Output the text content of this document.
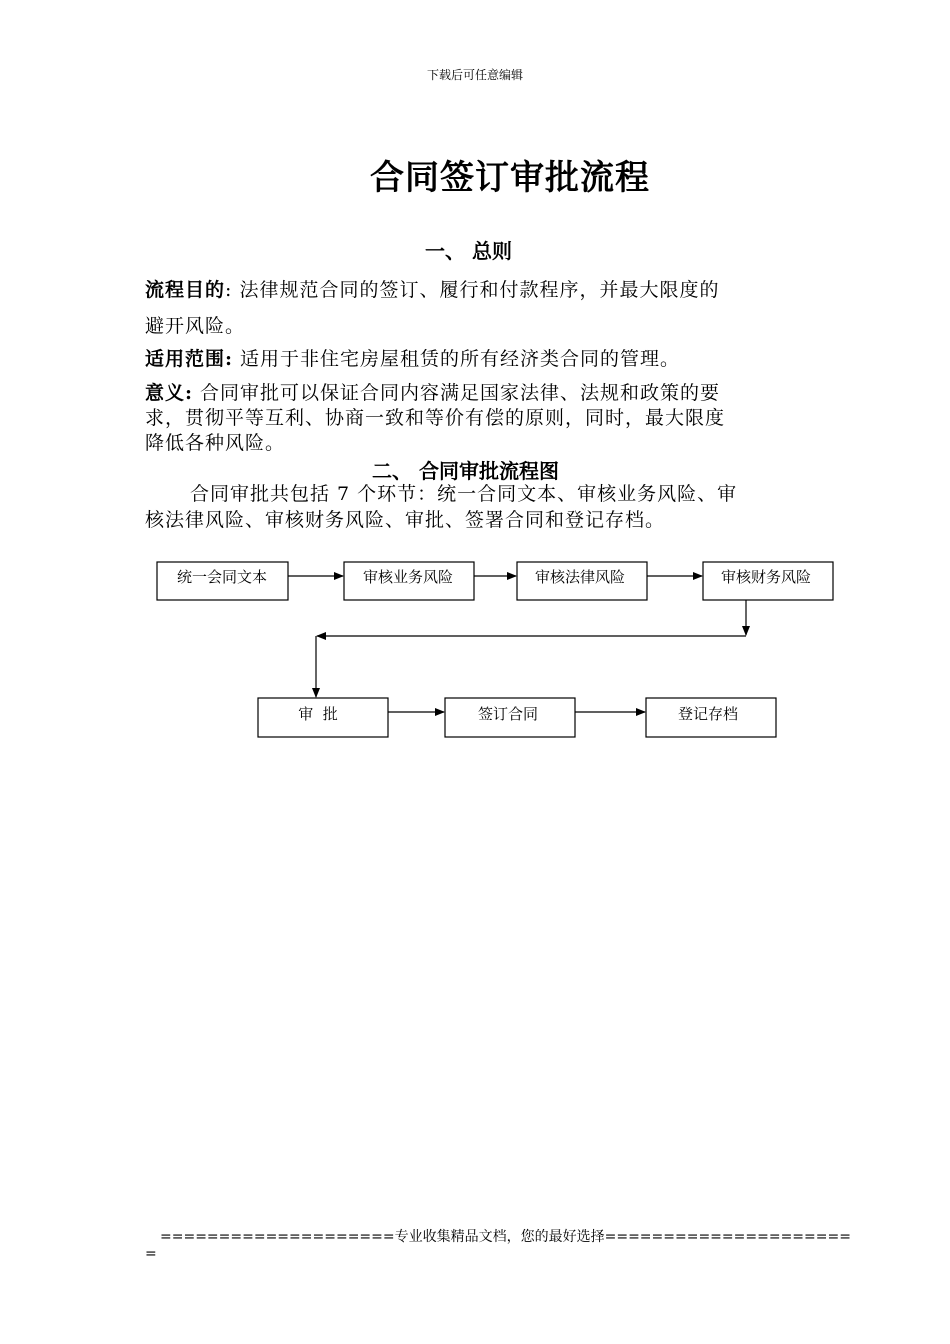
下载后可任意编辑
合同签订审批流程
一、 总则
流程目的: 法律规范合同的签订、履行和付款程序，并最大限度的
避开风险。
适用范围: 适用于非住宅房屋租赁的所有经济类合同的管理。
意义: 合同审批可以保证合同内容满足国家法律、法规和政策的要
求，贯彻平等互利、协商一致和等价有偿的原则，同时，最大限度
降低各种风险。
二、 合同审批流程图
合同审批共包括 7 个环节：统一合同文本、审核业务风险、审
核法律风险、审核财务风险、审批、签署合同和登记存档。
统一会同文本	审核业务风险	审核法律风险	审核财务风险
审  批	签订合同	登记存档
====================专业收集精品文档，您的最好选择=====================
=
